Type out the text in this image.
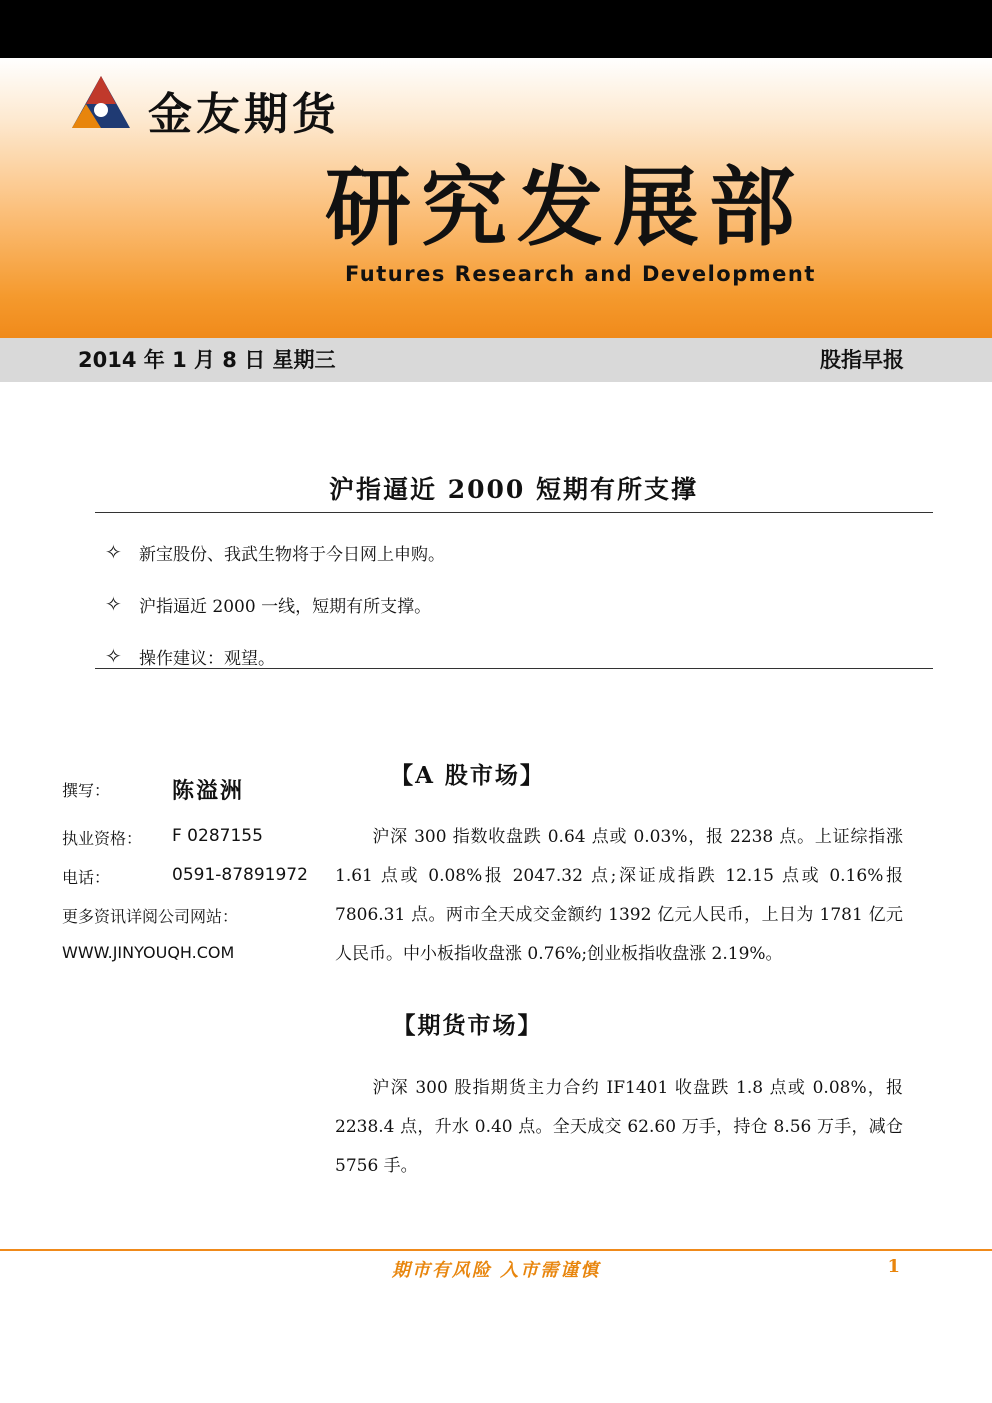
金友期货
研究发展部
Futures Research and Development
2014 年 1 月 8 日 星期三	股指早报
沪指逼近 2000 短期有所支撑
✧	新宝股份、我武生物将于今日网上申购。
✧	沪指逼近 2000 一线，短期有所支撑。
✧	操作建议：观望。
撰写：	陈溢洲
执业资格： F 0287155
电话：	0591-87891972
更多资讯详阅公司网站：
WWW.JINYOUQH.COM
【A 股市场】

沪深 300 指数收盘跌 0.64 点或 0.03%，报 2238 点。上证综指涨 1.61 点或 0.08%报 2047.32 点;深证成指跌 12.15 点或 0.16%报 7806.31 点。两市全天成交金额约 1392 亿元人民币，上日为 1781 亿元人民币。中小板指收盘涨 0.76%;创业板指收盘涨 2.19%。

【期货市场】

沪深 300 股指期货主力合约 IF1401 收盘跌 1.8 点或 0.08%，报 2238.4 点，升水 0.40 点。全天成交 62.60 万手，持仓 8.56 万手，减仓 5756 手。

期市有风险 入市需谨慎	1
